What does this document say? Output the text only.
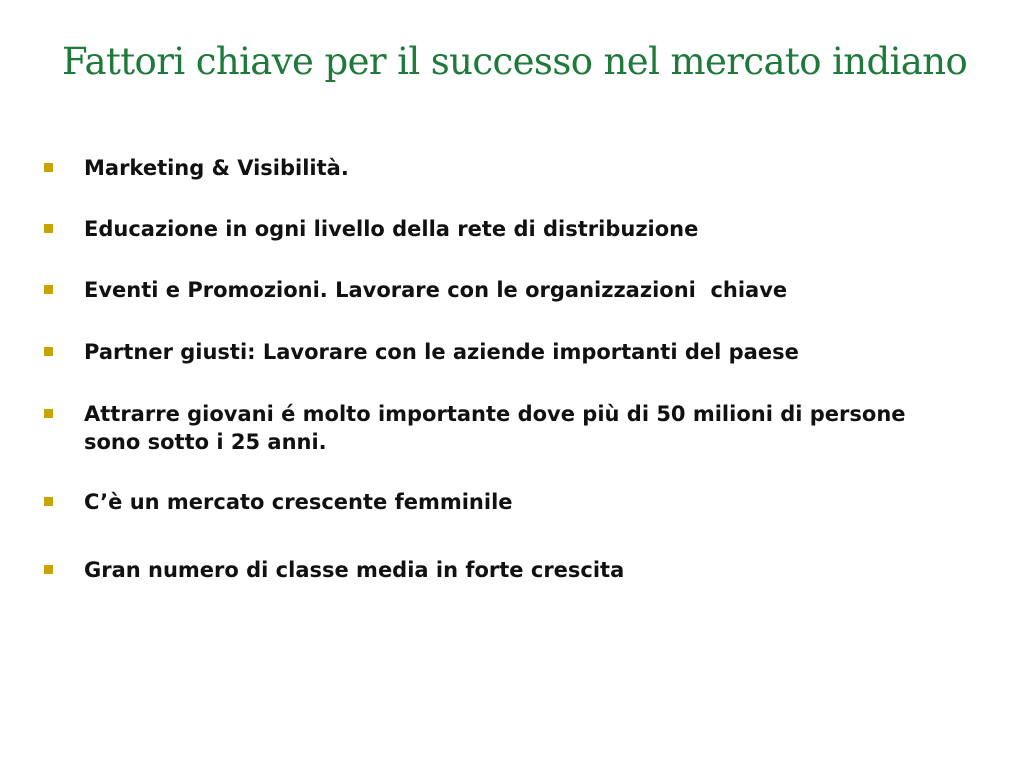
Fattori chiave per il successo nel mercato indiano
Marketing & Visibilità.
Educazione in ogni livello della rete di distribuzione
Eventi e Promozioni. Lavorare con le organizzazioni  chiave
Partner giusti: Lavorare con le aziende importanti del paese
Attrarre giovani é molto importante dove più di 50 milioni di persone sono sotto i 25 anni.
C’è un mercato crescente femminile
Gran numero di classe media in forte crescita
